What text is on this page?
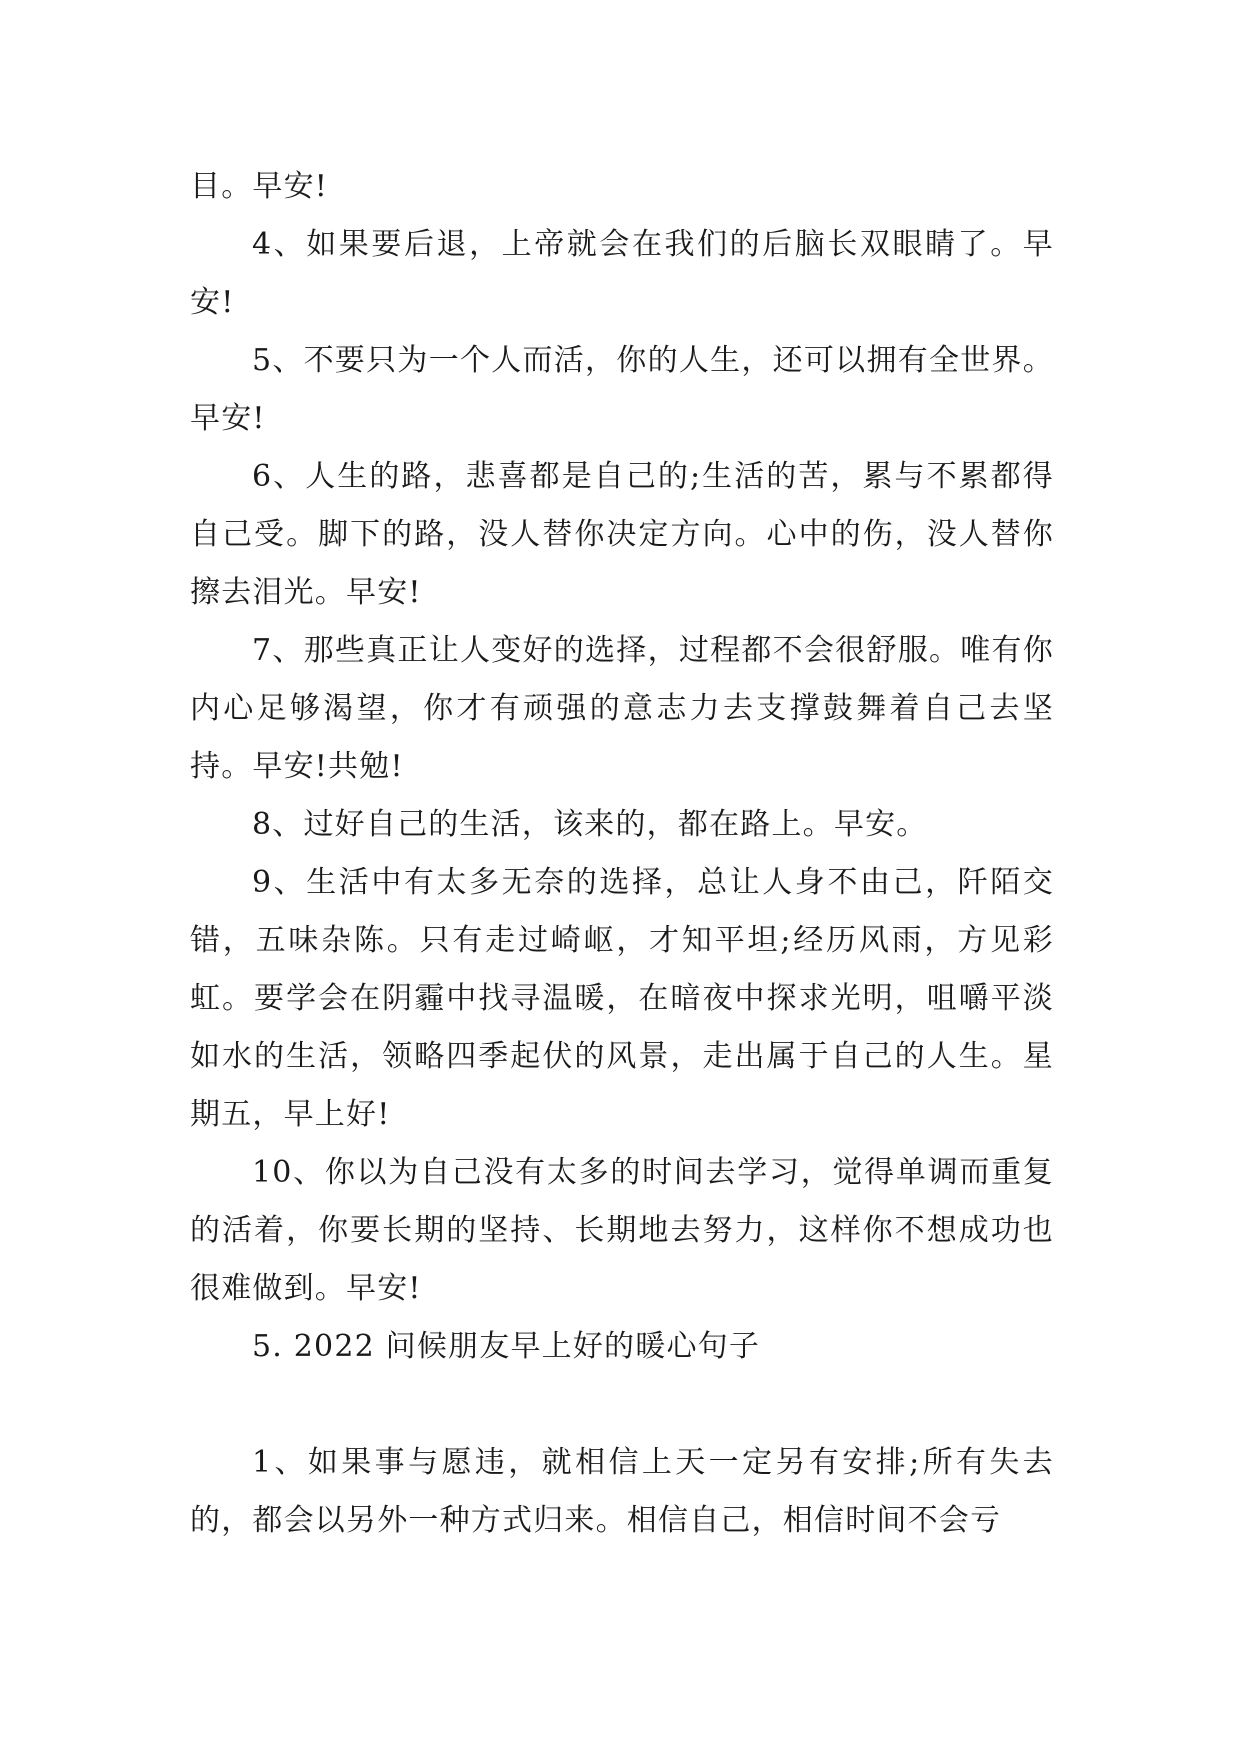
目。早安!

4、如果要后退，上帝就会在我们的后脑长双眼睛了。早安!

5、不要只为一个人而活，你的人生，还可以拥有全世界。早安!

6、人生的路，悲喜都是自己的;生活的苦，累与不累都得自己受。脚下的路，没人替你决定方向。心中的伤，没人替你擦去泪光。早安!

7、那些真正让人变好的选择，过程都不会很舒服。唯有你内心足够渴望，你才有顽强的意志力去支撑鼓舞着自己去坚持。早安!共勉!

8、过好自己的生活，该来的，都在路上。早安。

9、生活中有太多无奈的选择，总让人身不由己，阡陌交错，五味杂陈。只有走过崎岖，才知平坦;经历风雨，方见彩虹。要学会在阴霾中找寻温暖，在暗夜中探求光明，咀嚼平淡如水的生活，领略四季起伏的风景，走出属于自己的人生。星期五，早上好!

10、你以为自己没有太多的时间去学习，觉得单调而重复的活着，你要长期的坚持、长期地去努力，这样你不想成功也很难做到。早安!

5. 2022 问候朋友早上好的暖心句子

1、如果事与愿违，就相信上天一定另有安排;所有失去的，都会以另外一种方式归来。相信自己，相信时间不会亏
